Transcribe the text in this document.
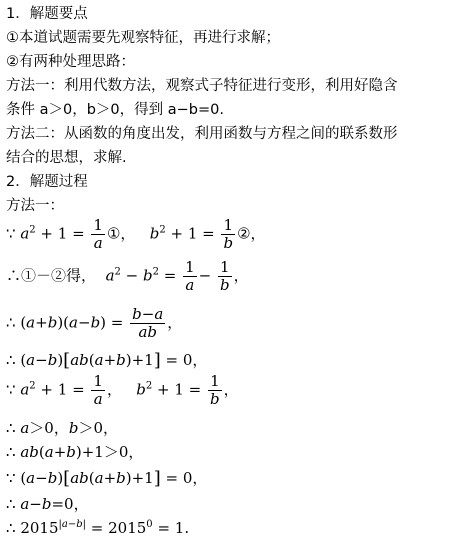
1．解题要点
①本道试题需要先观察特征，再进行求解；
②有两种处理思路：
方法一：利用代数方法，观察式子特征进行变形，利用好隐含
条件 a＞0，b＞0，得到 a−b=0.
方法二：从函数的角度出发，利用函数与方程之间的联系数形
结合的思想，求解.
2．解题过程
方法一：
∵ $a^2 + 1 = \frac{1}{a}$ ①，   $b^2 + 1 = \frac{1}{b}$ ②，
∴①－②得，  $a^2 - b^2 = \frac{1}{a} - \frac{1}{b}$ ，
∴ $(a+b)(a-b) = \frac{b-a}{ab}$ ，
∴ (a−b)[ab(a+b)+1] = 0，
∵ $a^2 + 1 = \frac{1}{a}$ ，   $b^2 + 1 = \frac{1}{b}$ ，
∴ a＞0，b＞0，
∴ ab(a+b)+1＞0，
∵ (a−b)[ab(a+b)+1] = 0，
∴ a−b=0，
∴ $2015^{|a-b|} = 2015^0 = 1$.
